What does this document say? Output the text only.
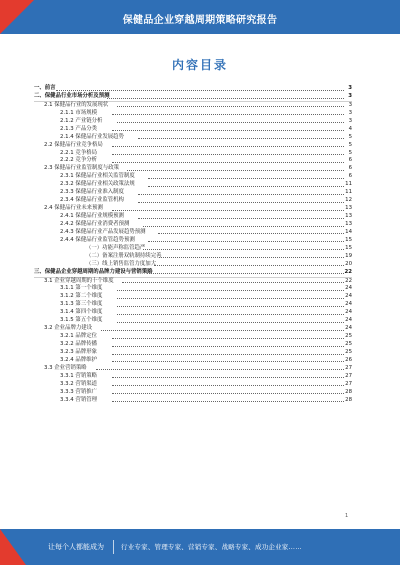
保健品企业穿越周期策略研究报告
内容目录
一、前言	3
二、保健品行业市场分析及预测	3
2.1 保健品行业的发展现状	3
2.1.1 市场规模	3
2.1.2 产业链分析	3
2.1.3 产品分类	4
2.1.4 保健品行业发展趋势	5
2.2 保健品行业竞争格局	5
2.2.1 竞争格局	5
2.2.2 竞争分析	6
2.3 保健品行业监管制度与政策	6
2.3.1 保健品行业相关监管制度	6
2.3.2 保健品行业相关政策法规	11
2.3.3 保健品行业准入制度	11
2.3.4 保健品行业监管机构	12
2.4 保健品行业未来预测	13
2.4.1 保健品行业规模预测	13
2.4.2 保健品行业消费者预测	13
2.4.3 保健品行业产品发展趋势预测	14
2.4.4 保健品行业监管趋势预测	15
（一）功能声称监管趋严	15
（二）备案注册双轨制持续完善	19
（三）线上销售监管力度加大	20
三、保健品企业穿越周期的品牌力建设与营销策略	22
3.1 企业穿越周期的十个维度	22
3.1.1 第一个维度	24
3.1.2 第二个维度	24
3.1.3 第三个维度	24
3.1.4 第四个维度	24
3.1.5 第五个维度	24
3.2 企业品牌力建设	24
3.2.1 品牌定位	25
3.2.2 品牌传播	25
3.2.3 品牌形象	25
3.2.4 品牌维护	26
3.3 企业营销策略	27
3.3.1 营销策略	27
3.3.2 营销渠道	27
3.3.3 营销推广	28
3.3.4 营销管理	28
1
让每个人都能成为	行业专家、管理专家、营销专家、战略专家、成功企业家……
